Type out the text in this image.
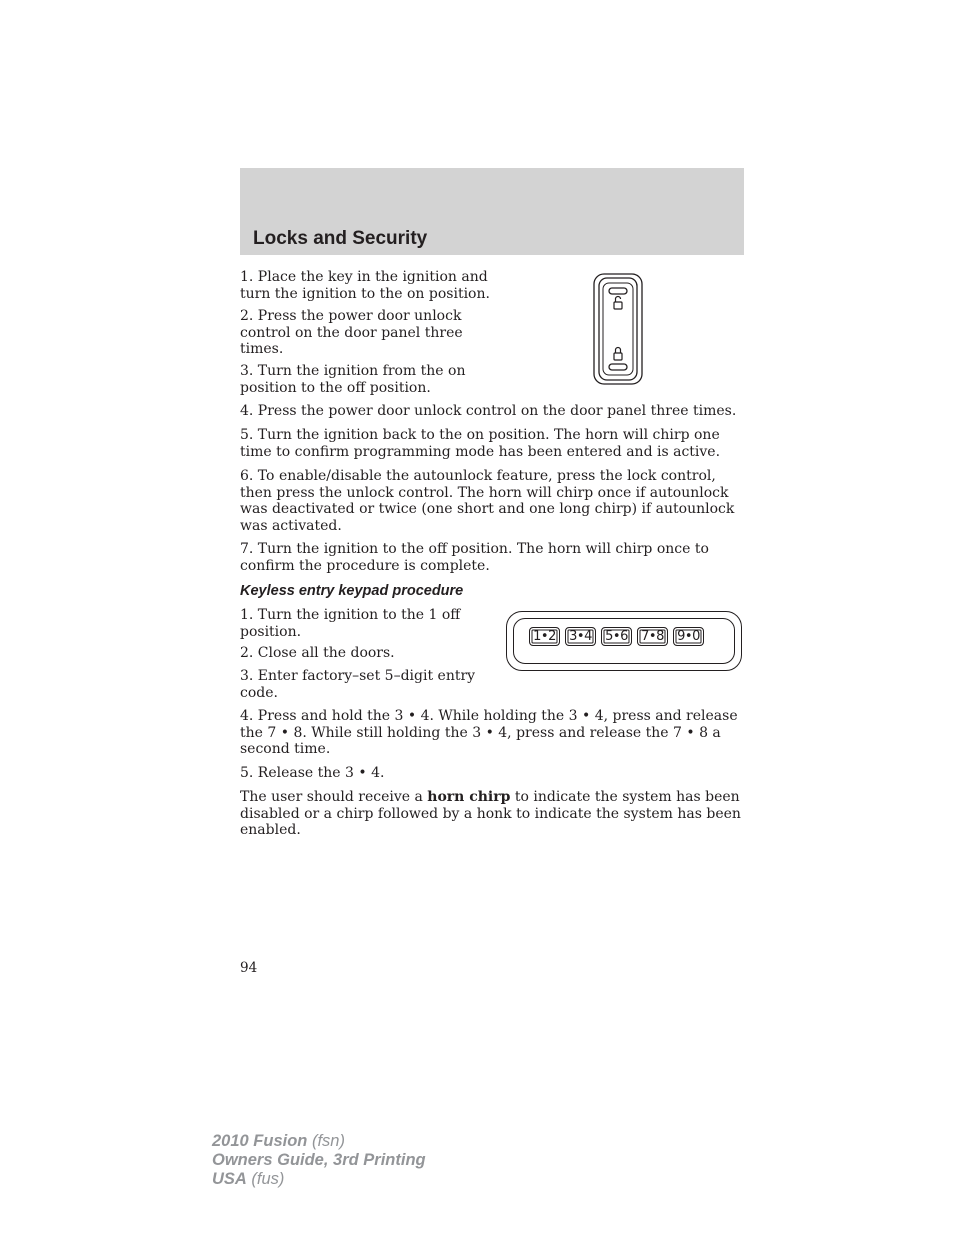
Locks and Security

1. Place the key in the ignition and turn the ignition to the on position.

2. Press the power door unlock control on the door panel three times.

3. Turn the ignition from the on position to the off position.

4. Press the power door unlock control on the door panel three times.

5. Turn the ignition back to the on position. The horn will chirp one time to confirm programming mode has been entered and is active.

6. To enable/disable the autounlock feature, press the lock control, then press the unlock control. The horn will chirp once if autounlock was deactivated or twice (one short and one long chirp) if autounlock was activated.

7. Turn the ignition to the off position. The horn will chirp once to confirm the procedure is complete.

Keyless entry keypad procedure

1. Turn the ignition to the 1 off position.

2. Close all the doors.

3. Enter factory–set 5–digit entry code.

1•2	3•4	5•6	7•8	9•0

4. Press and hold the 3 • 4. While holding the 3 • 4, press and release the 7 • 8. While still holding the 3 • 4, press and release the 7 • 8 a second time.

5. Release the 3 • 4.

The user should receive a horn chirp to indicate the system has been disabled or a chirp followed by a honk to indicate the system has been enabled.

94

2010 Fusion (fsn)
Owners Guide, 3rd Printing
USA (fus)
